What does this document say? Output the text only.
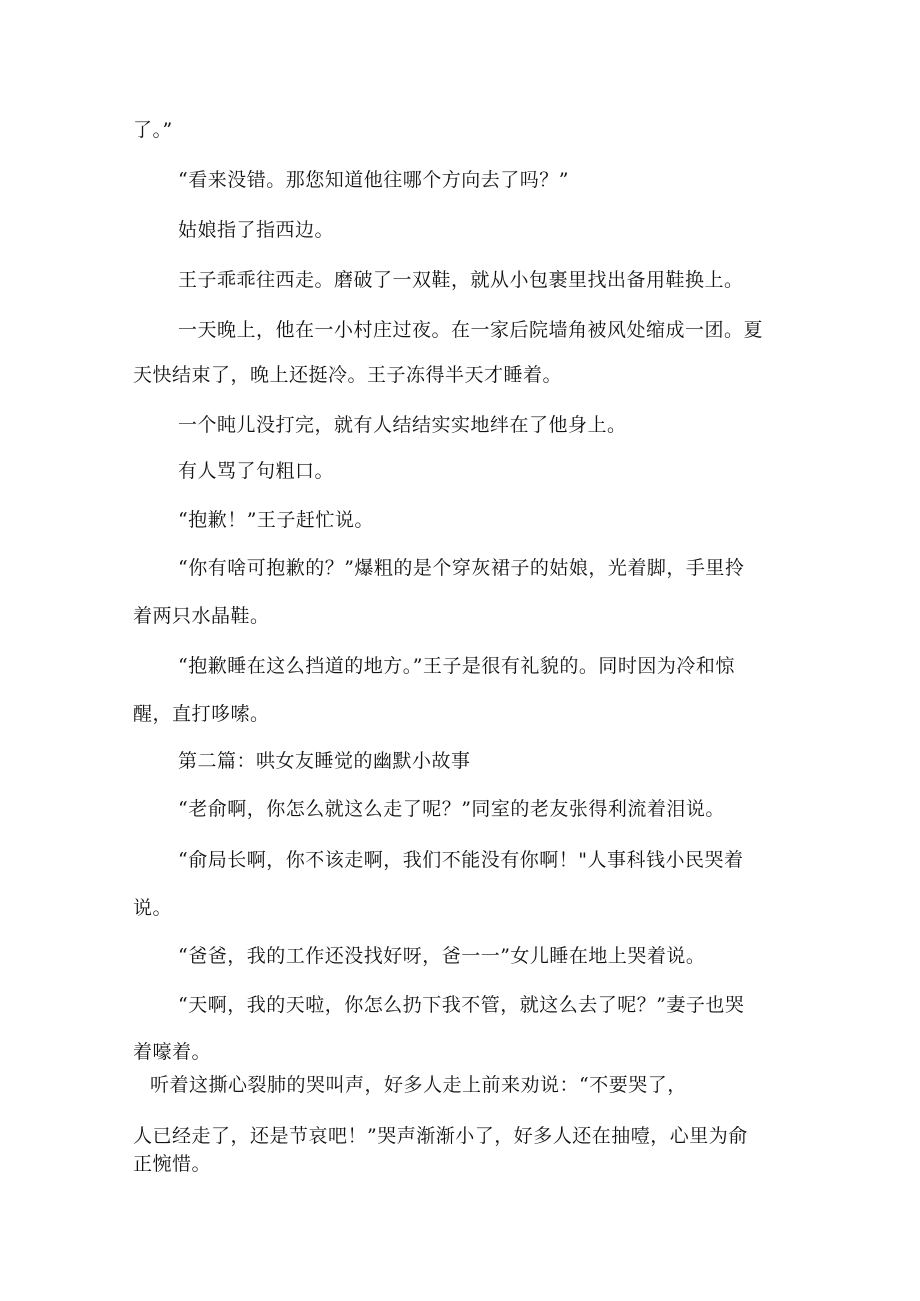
了。”
“看来没错。那您知道他往哪个方向去了吗？”
姑娘指了指西边。
王子乖乖往西走。磨破了一双鞋，就从小包裹里找出备用鞋换上。
一天晚上，他在一小村庄过夜。在一家后院墙角被风处缩成一团。夏
天快结束了，晚上还挺冷。王子冻得半天才睡着。
一个盹儿没打完，就有人结结实实地绊在了他身上。
有人骂了句粗口。
“抱歉！”王子赶忙说。
“你有啥可抱歉的？”爆粗的是个穿灰裙子的姑娘，光着脚，手里拎
着两只水晶鞋。
“抱歉睡在这么挡道的地方。”王子是很有礼貌的。同时因为冷和惊
醒，直打哆嗦。
第二篇：哄女友睡觉的幽默小故事
“老俞啊，你怎么就这么走了呢？”同室的老友张得利流着泪说。
“俞局长啊，你不该走啊，我们不能没有你啊！"人事科钱小民哭着
说。
“爸爸，我的工作还没找好呀，爸一一”女儿睡在地上哭着说。
“天啊，我的天啦，你怎么扔下我不管，就这么去了呢？”妻子也哭
着嚎着。
听着这撕心裂肺的哭叫声，好多人走上前来劝说：“不要哭了，
人已经走了，还是节哀吧！”哭声渐渐小了，好多人还在抽噎，心里为俞
正惋惜。
